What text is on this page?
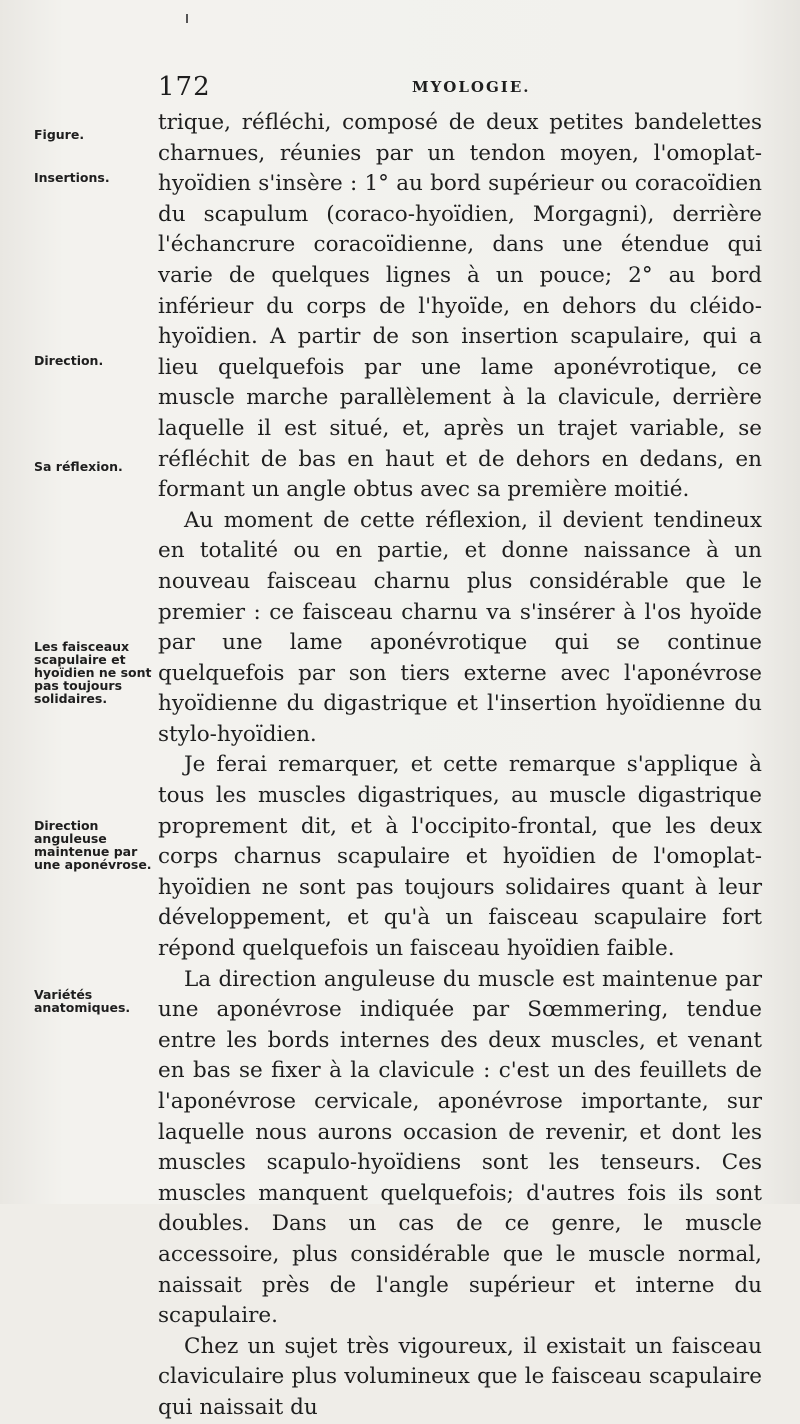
172	MYOLOGIE.
Figure.
Insertions.
Direction.
Sa réflexion.
Les faisceaux scapulaire et hyoïdien ne sont pas toujours solidaires.
Direction anguleuse maintenue par une aponévrose.
Variétés anatomiques.

trique, réfléchi, composé de deux petites bandelettes charnues, réunies par un tendon moyen, l'omoplat-hyoïdien s'insère : 1° au bord supérieur ou coracoïdien du scapulum (coraco-hyoïdien, Morgagni), derrière l'échancrure coracoïdienne, dans une étendue qui varie de quelques lignes à un pouce; 2° au bord inférieur du corps de l'hyoïde, en dehors du cléido-hyoïdien. A partir de son insertion scapulaire, qui a lieu quelquefois par une lame aponévrotique, ce muscle marche parallèlement à la clavicule, derrière laquelle il est situé, et, après un trajet variable, se réfléchit de bas en haut et de dehors en dedans, en formant un angle obtus avec sa première moitié.

Au moment de cette réflexion, il devient tendineux en totalité ou en partie, et donne naissance à un nouveau faisceau charnu plus considérable que le premier : ce faisceau charnu va s'insérer à l'os hyoïde par une lame aponévrotique qui se continue quelquefois par son tiers externe avec l'aponévrose hyoïdienne du digastrique et l'insertion hyoïdienne du stylo-hyoïdien.

Je ferai remarquer, et cette remarque s'applique à tous les muscles digastriques, au muscle digastrique proprement dit, et à l'occipito-frontal, que les deux corps charnus scapulaire et hyoïdien de l'omoplat-hyoïdien ne sont pas toujours solidaires quant à leur développement, et qu'à un faisceau scapulaire fort répond quelquefois un faisceau hyoïdien faible.

La direction anguleuse du muscle est maintenue par une aponévrose indiquée par Sœmmering, tendue entre les bords internes des deux muscles, et venant en bas se fixer à la clavicule : c'est un des feuillets de l'aponévrose cervicale, aponévrose importante, sur laquelle nous aurons occasion de revenir, et dont les muscles scapulo-hyoïdiens sont les tenseurs. Ces muscles manquent quelquefois; d'autres fois ils sont doubles. Dans un cas de ce genre, le muscle accessoire, plus considérable que le muscle normal, naissait près de l'angle supérieur et interne du scapulaire.

Chez un sujet très vigoureux, il existait un faisceau claviculaire plus volumineux que le faisceau scapulaire qui naissait du
